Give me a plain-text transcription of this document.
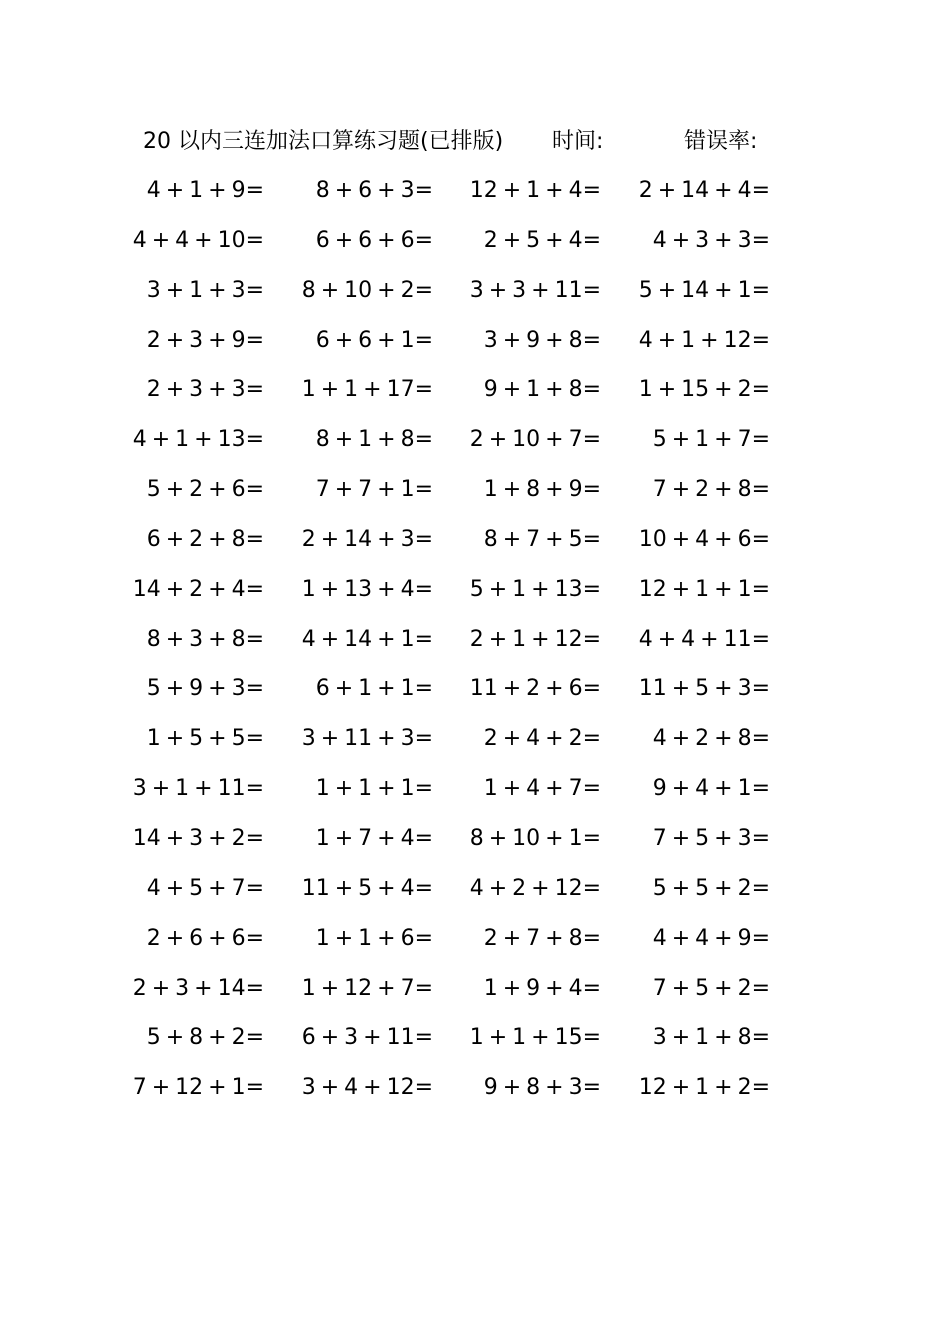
20 以内三连加法口算练习题(已排版) 时间:	错误率:
4 + 1 + 9= 8 + 6 + 3= 12 + 1 + 4= 2 + 14 + 4=
4 + 4 + 10= 6 + 6 + 6= 2 + 5 + 4= 4 + 3 + 3=
3 + 1 + 3= 8 + 10 + 2= 3 + 3 + 11= 5 + 14 + 1=
2 + 3 + 9= 6 + 6 + 1= 3 + 9 + 8= 4 + 1 + 12=
2 + 3 + 3= 1 + 1 + 17= 9 + 1 + 8= 1 + 15 + 2=
4 + 1 + 13= 8 + 1 + 8= 2 + 10 + 7= 5 + 1 + 7=
5 + 2 + 6= 7 + 7 + 1= 1 + 8 + 9= 7 + 2 + 8=
6 + 2 + 8= 2 + 14 + 3= 8 + 7 + 5= 10 + 4 + 6=
14 + 2 + 4= 1 + 13 + 4= 5 + 1 + 13= 12 + 1 + 1=
8 + 3 + 8= 4 + 14 + 1= 2 + 1 + 12= 4 + 4 + 11=
5 + 9 + 3= 6 + 1 + 1= 11 + 2 + 6= 11 + 5 + 3=
1 + 5 + 5= 3 + 11 + 3= 2 + 4 + 2= 4 + 2 + 8=
3 + 1 + 11= 1 + 1 + 1= 1 + 4 + 7= 9 + 4 + 1=
14 + 3 + 2= 1 + 7 + 4= 8 + 10 + 1= 7 + 5 + 3=
4 + 5 + 7= 11 + 5 + 4= 4 + 2 + 12= 5 + 5 + 2=
2 + 6 + 6= 1 + 1 + 6= 2 + 7 + 8= 4 + 4 + 9=
2 + 3 + 14= 1 + 12 + 7= 1 + 9 + 4= 7 + 5 + 2=
5 + 8 + 2= 6 + 3 + 11= 1 + 1 + 15= 3 + 1 + 8=
7 + 12 + 1= 3 + 4 + 12= 9 + 8 + 3= 12 + 1 + 2=
